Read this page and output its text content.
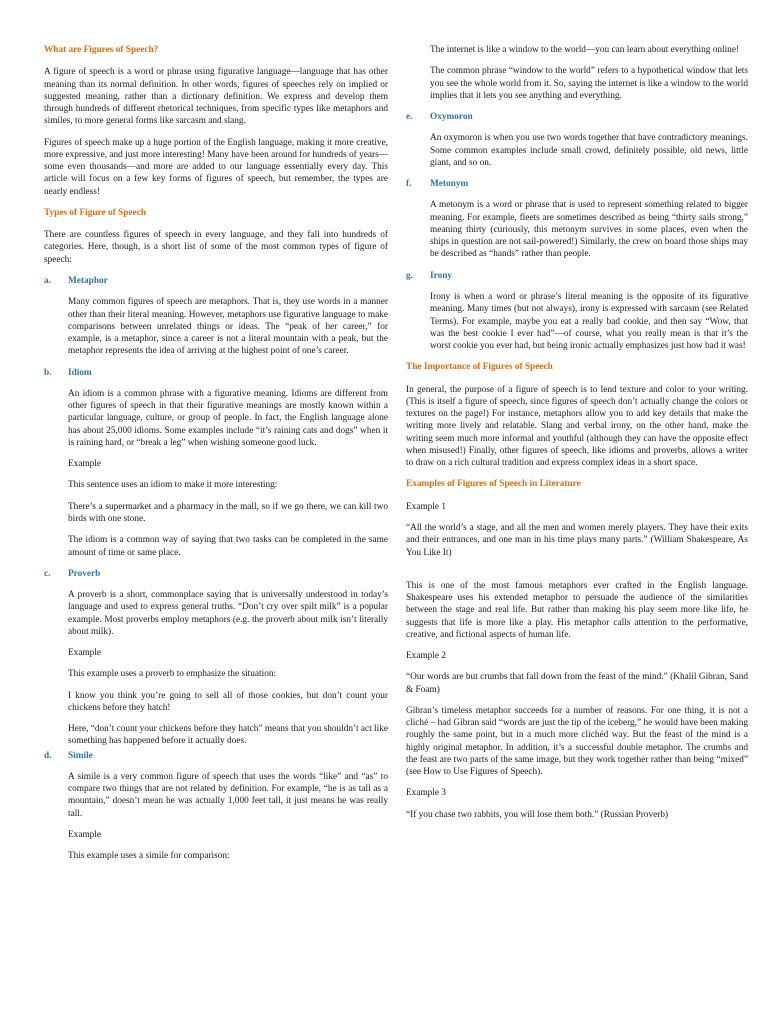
What are Figures of Speech?

A figure of speech is a word or phrase using figurative language—language that has other meaning than its normal definition. In other words, figures of speeches rely on implied or suggested meaning, rather than a dictionary definition. We express and develop them through hundreds of different rhetorical techniques, from specific types like metaphors and similes, to more general forms like sarcasm and slang.

Figures of speech make up a huge portion of the English language, making it more creative, more expressive, and just more interesting! Many have been around for hundreds of years—some even thousands—and more are added to our language essentially every day. This article will focus on a few key forms of figures of speech, but remember, the types are nearly endless!

Types of Figure of Speech

There are countless figures of speech in every language, and they fall into hundreds of categories. Here, though, is a short list of some of the most common types of figure of speech:

a.	Metaphor

Many common figures of speech are metaphors. That is, they use words in a manner other than their literal meaning. However, metaphors use figurative language to make comparisons between unrelated things or ideas. The “peak of her career,” for example, is a metaphor, since a career is not a literal mountain with a peak, but the metaphor represents the idea of arriving at the highest point of one’s career.

b.	Idiom

An idiom is a common phrase with a figurative meaning. Idioms are different from other figures of speech in that their figurative meanings are mostly known within a particular language, culture, or group of people. In fact, the English language alone has about 25,000 idioms. Some examples include “it’s raining cats and dogs” when it is raining hard, or “break a leg” when wishing someone good luck.

Example

This sentence uses an idiom to make it more interesting:

There’s a supermarket and a pharmacy in the mall, so if we go there, we can kill two birds with one stone.

The idiom is a common way of saying that two tasks can be completed in the same amount of time or same place.

c.	Proverb

A proverb is a short, commonplace saying that is universally understood in today’s language and used to express general truths. “Don’t cry over spilt milk” is a popular example. Most proverbs employ metaphors (e.g. the proverb about milk isn’t literally about milk).

Example

This example uses a proverb to emphasize the situation:

I know you think you’re going to sell all of those cookies, but don’t count your chickens before they hatch!

Here, “don’t count your chickens before they hatch” means that you shouldn’t act like something has happened before it actually does.

d.	Simile

A simile is a very common figure of speech that uses the words “like” and “as” to compare two things that are not related by definition. For example, “he is as tall as a mountain,” doesn’t mean he was actually 1,000 feet tall, it just means he was really tall.

Example

This example uses a simile for comparison:

The internet is like a window to the world—you can learn about everything online!

The common phrase “window to the world” refers to a hypothetical window that lets you see the whole world from it. So, saying the internet is like a window to the world implies that it lets you see anything and everything.

e.	Oxymoron

An oxymoron is when you use two words together that have contradictory meanings. Some common examples include small crowd, definitely possible, old news, little giant, and so on.

f.	Metonym

A metonym is a word or phrase that is used to represent something related to bigger meaning. For example, fleets are sometimes described as being “thirty sails strong,” meaning thirty (curiously, this metonym survives in some places, even when the ships in question are not sail-powered!) Similarly, the crew on board those ships may be described as “hands” rather than people.

g.	Irony

Irony is when a word or phrase’s literal meaning is the opposite of its figurative meaning. Many times (but not always), irony is expressed with sarcasm (see Related Terms). For example, maybe you eat a really bad cookie, and then say “Wow, that was the best cookie I ever had”—of course, what you really mean is that it’s the worst cookie you ever had, but being ironic actually emphasizes just how bad it was!

The Importance of Figures of Speech

In general, the purpose of a figure of speech is to lend texture and color to your writing. (This is itself a figure of speech, since figures of speech don’t actually change the colors or textures on the page!) For instance, metaphors allow you to add key details that make the writing more lively and relatable. Slang and verbal irony, on the other hand, make the writing seem much more informal and youthful (although they can have the opposite effect when misused!) Finally, other figures of speech, like idioms and proverbs, allows a writer to draw on a rich cultural tradition and express complex ideas in a short space.

Examples of Figures of Speech in Literature

Example 1

“All the world’s a stage, and all the men and women merely players. They have their exits and their entrances, and one man in his time plays many parts.” (William Shakespeare, As You Like It)

This is one of the most famous metaphors ever crafted in the English language. Shakespeare uses his extended metaphor to persuade the audience of the similarities between the stage and real life. But rather than making his play seem more like life, he suggests that life is more like a play. His metaphor calls attention to the performative, creative, and fictional aspects of human life.

Example 2

“Our words are but crumbs that fall down from the feast of the mind.” (Khalil Gibran, Sand & Foam)

Gibran’s timeless metaphor succeeds for a number of reasons. For one thing, it is not a cliché – had Gibran said “words are just the tip of the iceberg,” he would have been making roughly the same point, but in a much more clichéd way. But the feast of the mind is a highly original metaphor. In addition, it’s a successful double metaphor. The crumbs and the feast are two parts of the same image, but they work together rather than being “mixed” (see How to Use Figures of Speech).

Example 3

“If you chase two rabbits, you will lose them both.” (Russian Proverb)
